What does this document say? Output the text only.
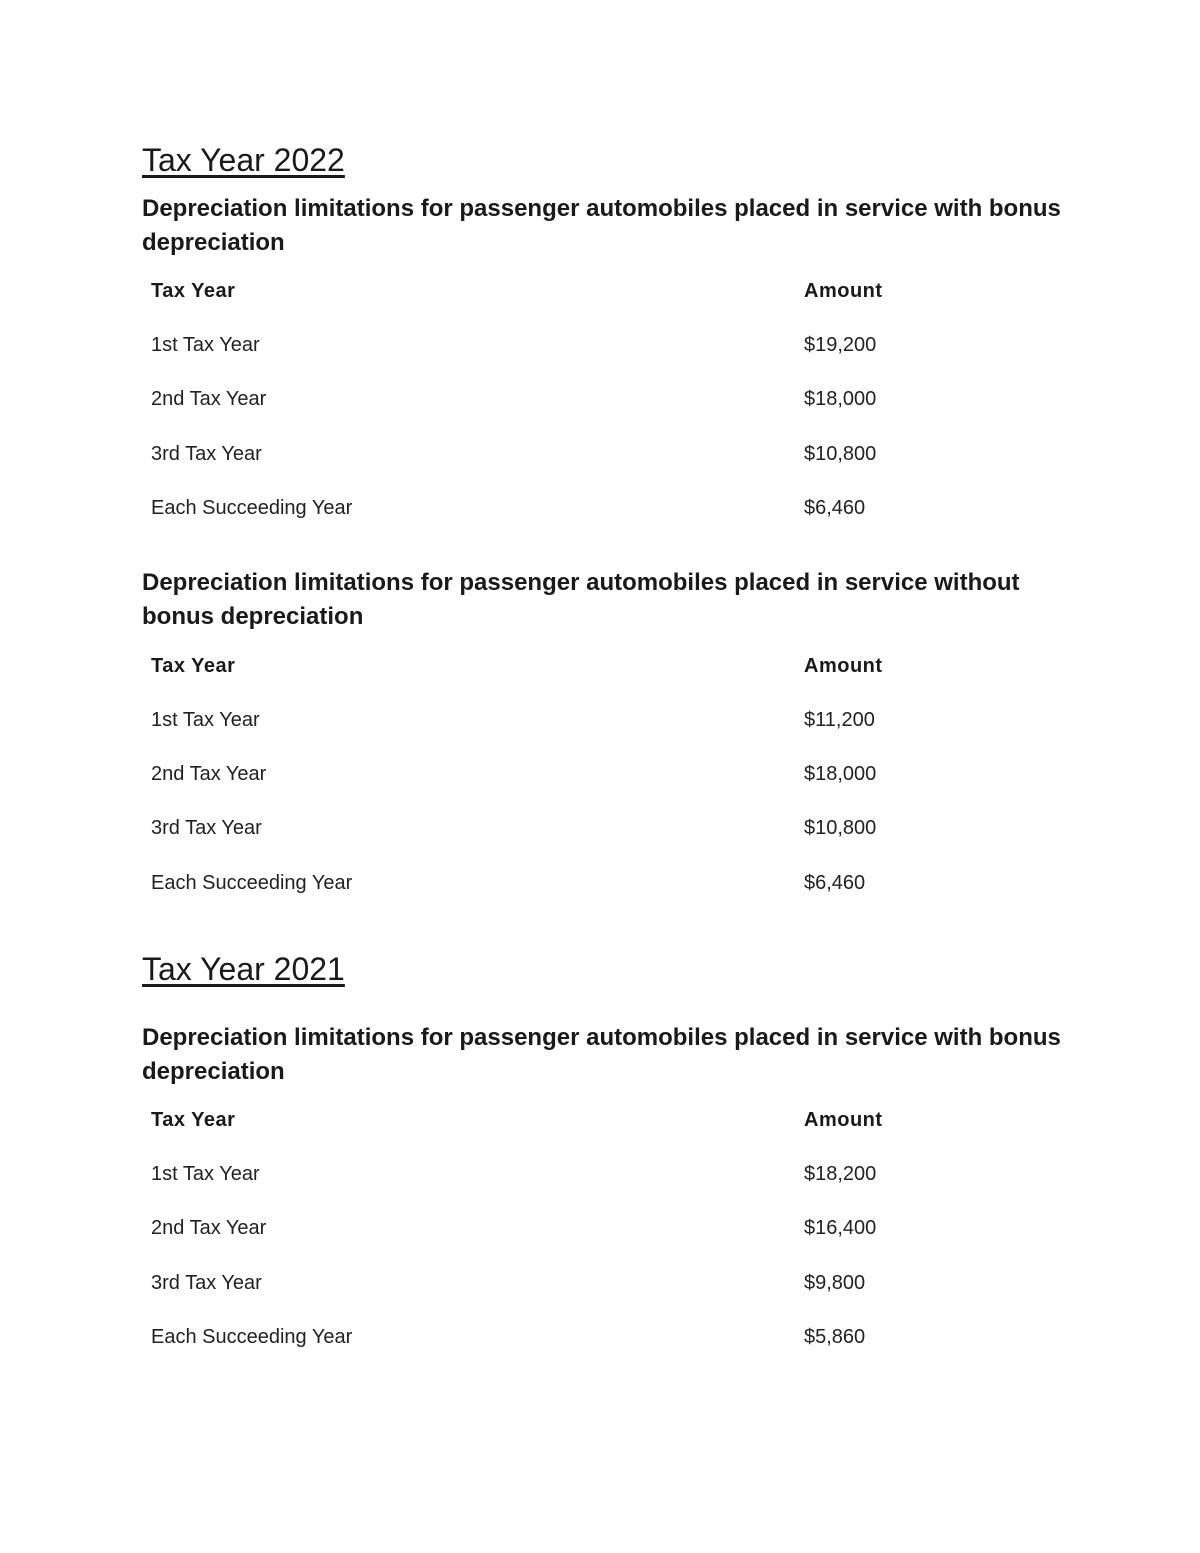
Tax Year 2022
Depreciation limitations for passenger automobiles placed in service with bonus depreciation
Tax Year	Amount
1st Tax Year	$19,200
2nd Tax Year	$18,000
3rd Tax Year	$10,800
Each Succeeding Year	$6,460
Depreciation limitations for passenger automobiles placed in service without bonus depreciation
Tax Year	Amount
1st Tax Year	$11,200
2nd Tax Year	$18,000
3rd Tax Year	$10,800
Each Succeeding Year	$6,460
Tax Year 2021
Depreciation limitations for passenger automobiles placed in service with bonus depreciation
Tax Year	Amount
1st Tax Year	$18,200
2nd Tax Year	$16,400
3rd Tax Year	$9,800
Each Succeeding Year	$5,860
